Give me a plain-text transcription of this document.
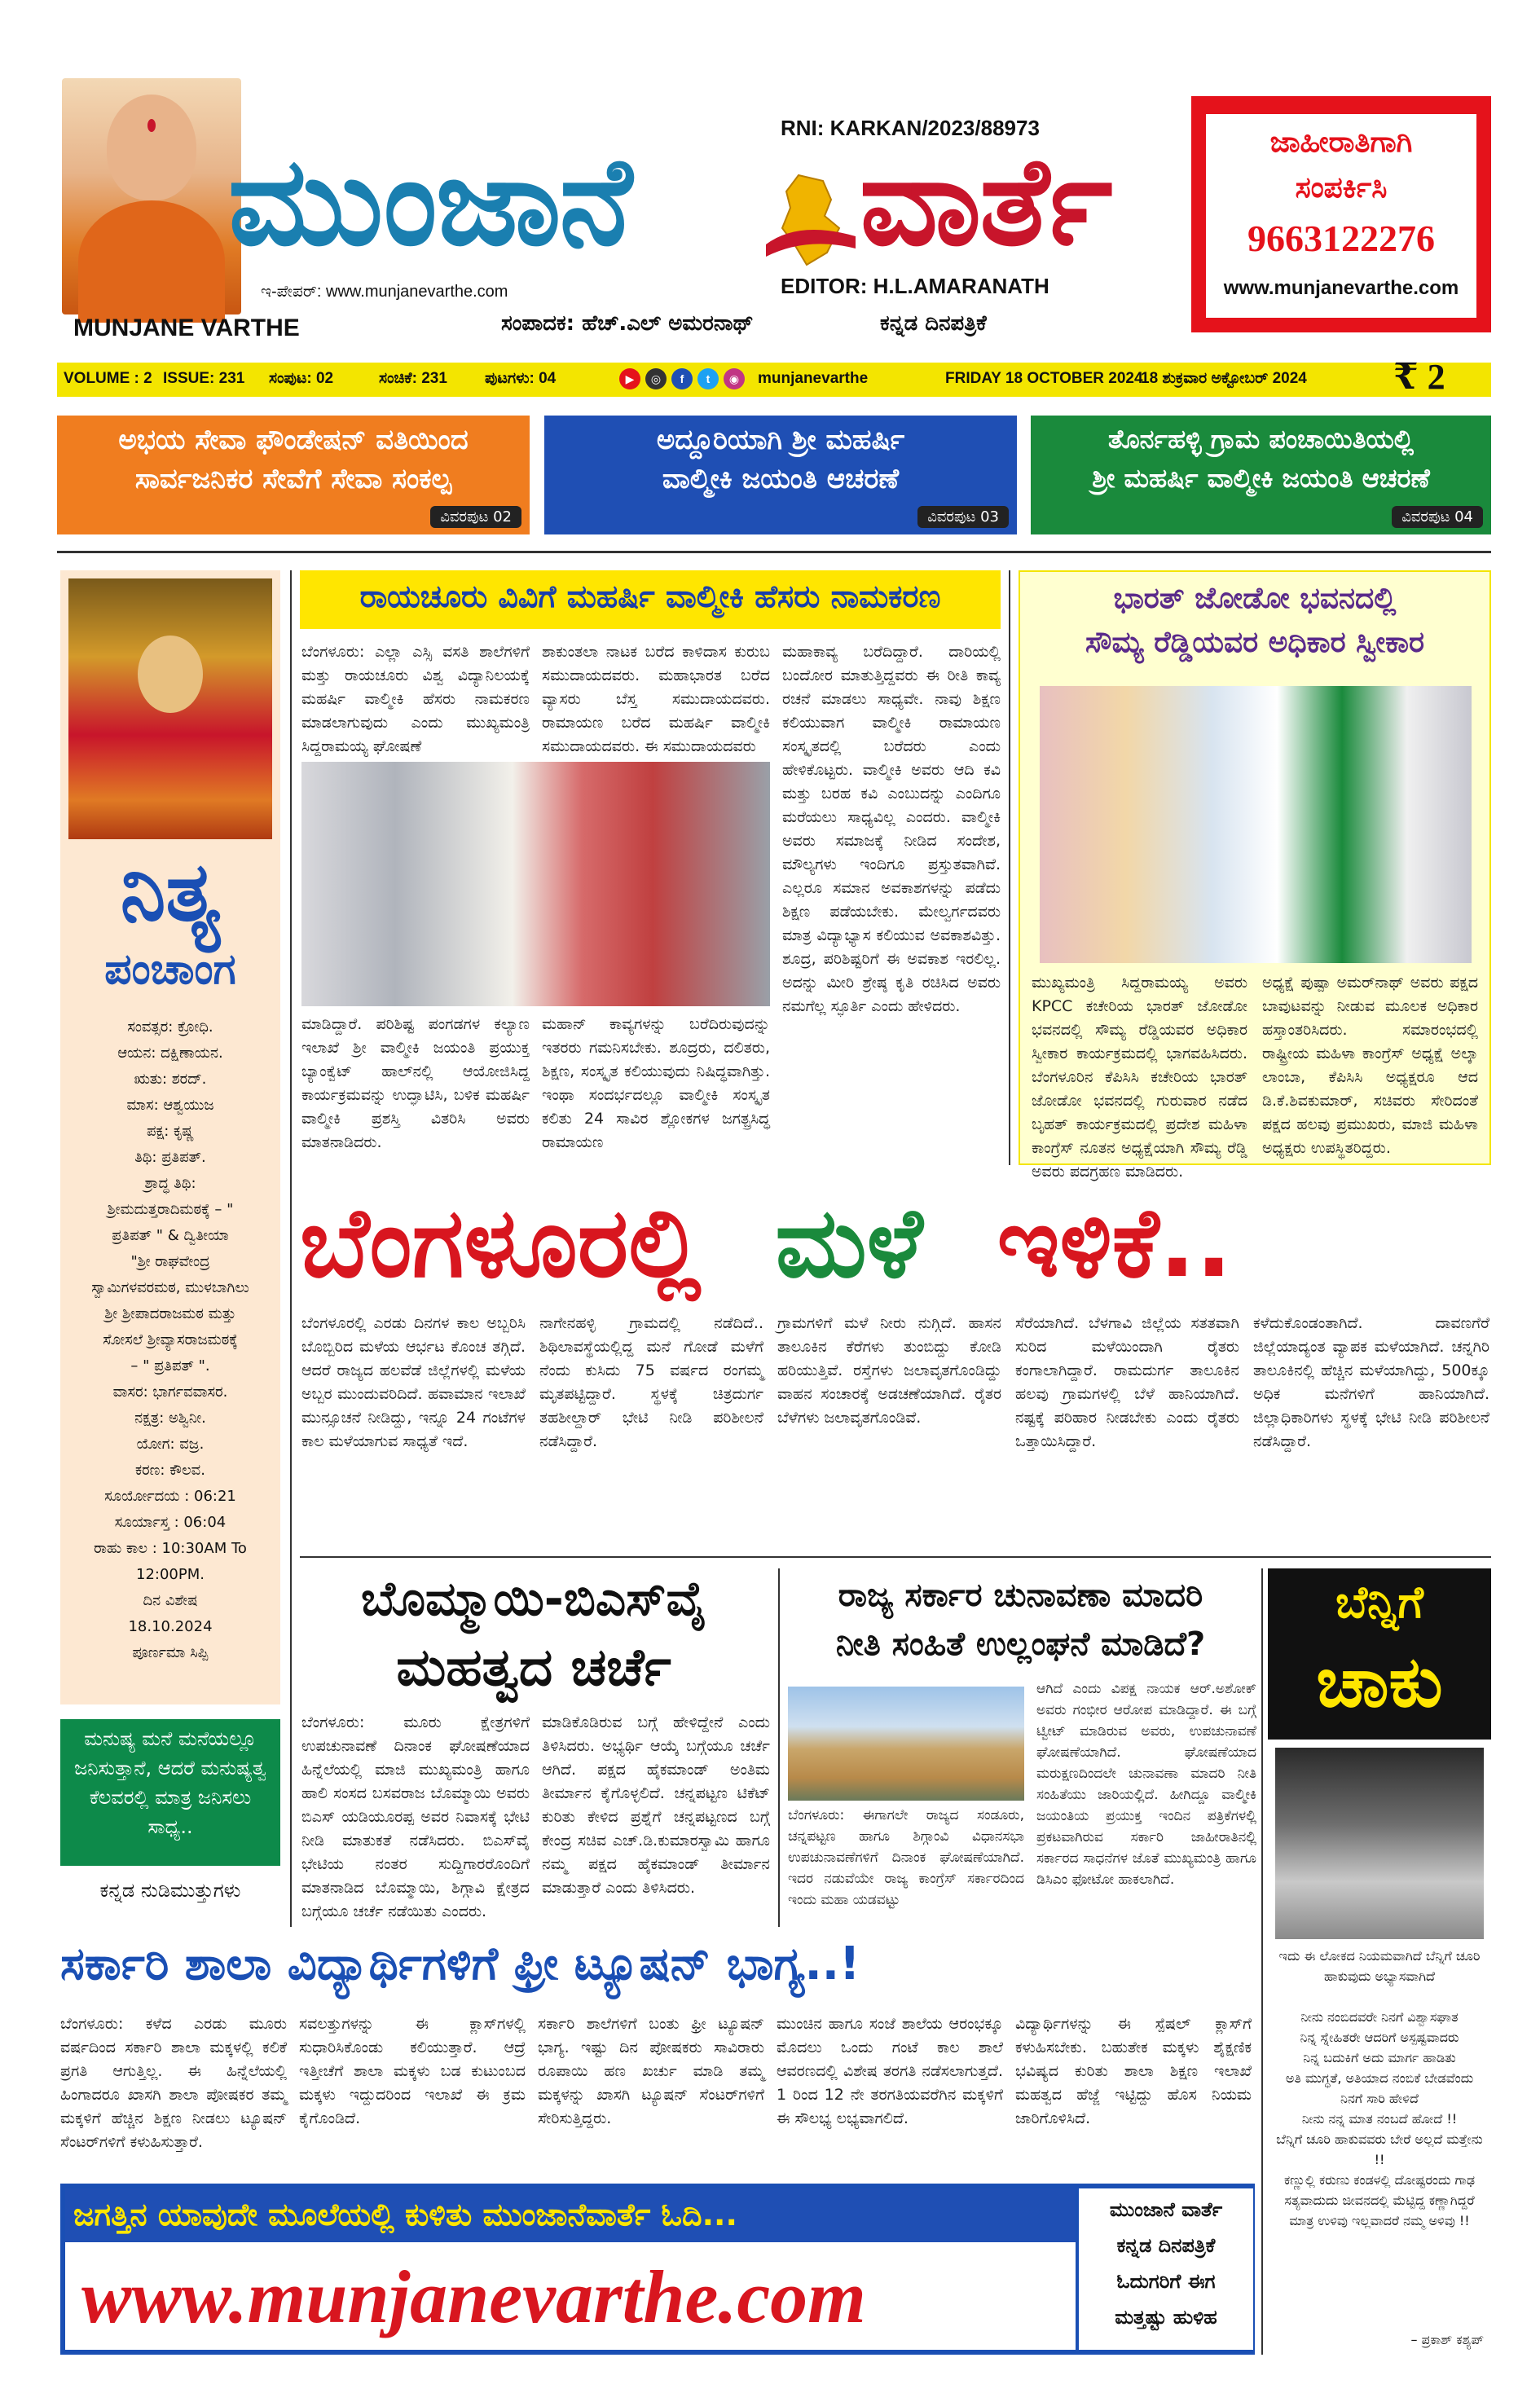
MUNJANE VARTHE
RNI: KARKAN/2023/88973
ಮುಂಜಾನೆ ವಾರ್ತೆ
ಇ-ಪೇಪರ್: www.munjanevarthe.com	EDITOR: H.L.AMARANATH
ಸಂಪಾದಕ: ಹೆಚ್.ಎಲ್ ಅಮರನಾಥ್	ಕನ್ನಡ ದಿನಪತ್ರಿಕೆ
ಜಾಹೀರಾತಿಗಾಗಿ
ಸಂಪರ್ಕಿಸಿ
9663122276
www.munjanevarthe.com
VOLUME : 2 ISSUE: 231 ಸಂಪುಟ: 02	ಸಂಚಿಕೆ: 231 ಪುಟಗಳು: 04	▶ ◎ f t ◉	munjanevarthe	FRIDAY 18 OCTOBER 2024
18 ಶುಕ್ರವಾರ ಅಕ್ಟೋಬರ್ 2024 ₹ 2
ಅಭಯ ಸೇವಾ ಫೌಂಡೇಷನ್ ವತಿಯಿಂದ
ಸಾರ್ವಜನಿಕರ ಸೇವೆಗೆ ಸೇವಾ ಸಂಕಲ್ಪ
ವಿವರಪುಟ 02
ಅದ್ದೂರಿಯಾಗಿ ಶ್ರೀ ಮಹರ್ಷಿ
ವಾಲ್ಮೀಕಿ ಜಯಂತಿ ಆಚರಣೆ
ವಿವರಪುಟ 03
ತೊರ್ನಹಳ್ಳಿ ಗ್ರಾಮ ಪಂಚಾಯಿತಿಯಲ್ಲಿ
ಶ್ರೀ ಮಹರ್ಷಿ ವಾಲ್ಮೀಕಿ ಜಯಂತಿ ಆಚರಣೆ
ವಿವರಪುಟ 04
ನಿತ್ಯ
ಪಂಚಾಂಗ
ಸಂವತ್ಸರ: ಕ್ರೋಧಿ.
ಆಯನ: ದಕ್ಷಿಣಾಯನ.
ಋತು: ಶರದ್.
ಮಾಸ: ಆಶ್ವಯುಜ
ಪಕ್ಷ: ಕೃಷ್ಣ
ತಿಥಿ: ಪ್ರತಿಪತ್.
ಶ್ರಾದ್ಧ ತಿಥಿ:
ಶ್ರೀಮದುತ್ತರಾದಿಮಠಕ್ಕೆ – "
ಪ್ರತಿಪತ್ " & ದ್ವಿತೀಯಾ
"ಶ್ರೀ ರಾಘವೇಂದ್ರ
ಸ್ವಾಮಿಗಳವರಮಠ, ಮುಳಬಾಗಿಲು
ಶ್ರೀ ಶ್ರೀಪಾದರಾಜಮಠ ಮತ್ತು
ಸೋಸಲೆ ಶ್ರೀವ್ಯಾಸರಾಜಮಠಕ್ಕೆ
– " ಪ್ರತಿಪತ್ ".
ವಾಸರ: ಭಾರ್ಗವವಾಸರ.
ನಕ್ಷತ್ರ: ಅಶ್ವಿನೀ.
ಯೋಗ: ವಜ್ರ.
ಕರಣ: ಕೌಲವ.
ಸೂರ್ಯೋದಯ : 06:21
ಸೂರ್ಯಾಸ್ತ : 06:04
ರಾಹು ಕಾಲ : 10:30AM To
12:00PM.
ದಿನ ವಿಶೇಷ
18.10.2024
ಪೂರ್ಣಮಾ ಸಿಪ್ಪಿ
ಮನುಷ್ಯ ಮನೆ ಮನೆಯಲ್ಲೂ ಜನಿಸುತ್ತಾನೆ, ಆದರೆ ಮನುಷ್ಯತ್ವ ಕೆಲವರಲ್ಲಿ ಮಾತ್ರ ಜನಿಸಲು ಸಾಧ್ಯ..
ಕನ್ನಡ ನುಡಿಮುತ್ತುಗಳು
ರಾಯಚೂರು ವಿವಿಗೆ ಮಹರ್ಷಿ ವಾಲ್ಮೀಕಿ ಹೆಸರು ನಾಮಕರಣ
ಬೆಂಗಳೂರು: ಎಲ್ಲಾ ಎಸ್ಸಿ ವಸತಿ ಶಾಲೆಗಳಿಗೆ ಮತ್ತು ರಾಯಚೂರು ವಿಶ್ವ ವಿದ್ಯಾನಿಲಯಕ್ಕೆ ಮಹರ್ಷಿ ವಾಲ್ಮೀಕಿ ಹೆಸರು ನಾಮಕರಣ ಮಾಡಲಾಗುವುದು ಎಂದು ಮುಖ್ಯಮಂತ್ರಿ ಸಿದ್ದರಾಮಯ್ಯ ಘೋಷಣೆ
ಶಾಕುಂತಲಾ ನಾಟಕ ಬರೆದ ಕಾಳಿದಾಸ ಕುರುಬ ಸಮುದಾಯದವರು. ಮಹಾಭಾರತ ಬರೆದ ವ್ಯಾಸರು ಬೆಸ್ತ ಸಮುದಾಯದವರು. ರಾಮಾಯಣ ಬರೆದ ಮಹರ್ಷಿ ವಾಲ್ಮೀಕಿ ಸಮುದಾಯದವರು. ಈ ಸಮುದಾಯದವರು
ಮಾಡಿದ್ದಾರೆ. ಪರಿಶಿಷ್ಟ ಪಂಗಡಗಳ ಕಲ್ಯಾಣ ಇಲಾಖೆ ಶ್ರೀ ವಾಲ್ಮೀಕಿ ಜಯಂತಿ ಪ್ರಯುಕ್ತ ಬ್ಯಾಂಕ್ವೆಟ್ ಹಾಲ್‌ನಲ್ಲಿ ಆಯೋಜಿಸಿದ್ದ ಕಾರ್ಯಕ್ರಮವನ್ನು ಉದ್ಘಾಟಿಸಿ, ಬಳಿಕ ಮಹರ್ಷಿ ವಾಲ್ಮೀಕಿ ಪ್ರಶಸ್ತಿ ವಿತರಿಸಿ ಅವರು ಮಾತನಾಡಿದರು.
ಮಹಾನ್ ಕಾವ್ಯಗಳನ್ನು ಬರೆದಿರುವುದನ್ನು ಇತರರು ಗಮನಿಸಬೇಕು. ಶೂದ್ರರು, ದಲಿತರು, ಶಿಕ್ಷಣ, ಸಂಸ್ಕೃತ ಕಲಿಯುವುದು ನಿಷಿದ್ಧವಾಗಿತ್ತು. ಇಂಥಾ ಸಂದರ್ಭದಲ್ಲೂ ವಾಲ್ಮೀಕಿ ಸಂಸ್ಕೃತ ಕಲಿತು 24 ಸಾವಿರ ಶ್ಲೋಕಗಳ ಜಗತ್ಪ್ರಸಿದ್ಧ ರಾಮಾಯಣ
ಮಹಾಕಾವ್ಯ ಬರೆದಿದ್ದಾರೆ. ದಾರಿಯಲ್ಲಿ ಬಂದೋರ ಮಾತುತ್ತಿದ್ದವರು ಈ ರೀತಿ ಕಾವ್ಯ ರಚನೆ ಮಾಡಲು ಸಾಧ್ಯವೇ. ನಾವು ಶಿಕ್ಷಣ ಕಲಿಯುವಾಗ ವಾಲ್ಮೀಕಿ ರಾಮಾಯಣ ಸಂಸ್ಕೃತದಲ್ಲಿ ಬರೆದರು ಎಂದು ಹೇಳಿಕೊಟ್ಟರು. ವಾಲ್ಮೀಕಿ ಅವರು ಆದಿ ಕವಿ ಮತ್ತು ಬರಹ ಕವಿ ಎಂಬುದನ್ನು ಎಂದಿಗೂ ಮರೆಯಲು ಸಾಧ್ಯವಿಲ್ಲ ಎಂದರು. ವಾಲ್ಮೀಕಿ ಅವರು ಸಮಾಜಕ್ಕೆ ನೀಡಿದ ಸಂದೇಶ, ಮೌಲ್ಯಗಳು ಇಂದಿಗೂ ಪ್ರಸ್ತುತವಾಗಿವೆ. ಎಲ್ಲರೂ ಸಮಾನ ಅವಕಾಶಗಳನ್ನು ಪಡೆದು ಶಿಕ್ಷಣ ಪಡೆಯಬೇಕು. ಮೇಲ್ವರ್ಗದವರು ಮಾತ್ರ ವಿದ್ಯಾಭ್ಯಾಸ ಕಲಿಯುವ ಅವಕಾಶವಿತ್ತು. ಶೂದ್ರ, ಪರಿಶಿಷ್ಟರಿಗೆ ಈ ಅವಕಾಶ ಇರಲಿಲ್ಲ. ಅದನ್ನು ಮೀರಿ ಶ್ರೇಷ್ಠ ಕೃತಿ ರಚಿಸಿದ ಅವರು ನಮಗೆಲ್ಲ ಸ್ಫೂರ್ತಿ ಎಂದು ಹೇಳಿದರು.
ಭಾರತ್ ಜೋಡೋ ಭವನದಲ್ಲಿ
ಸೌಮ್ಯ ರೆಡ್ಡಿಯವರ ಅಧಿಕಾರ ಸ್ವೀಕಾರ
ಮುಖ್ಯಮಂತ್ರಿ ಸಿದ್ದರಾಮಯ್ಯ ಅವರು KPCC ಕಚೇರಿಯ ಭಾರತ್ ಜೋಡೋ ಭವನದಲ್ಲಿ ಸೌಮ್ಯ ರೆಡ್ಡಿಯವರ ಅಧಿಕಾರ ಸ್ವೀಕಾರ ಕಾರ್ಯಕ್ರಮದಲ್ಲಿ ಭಾಗವಹಿಸಿದರು. ಬೆಂಗಳೂರಿನ ಕೆಪಿಸಿಸಿ ಕಚೇರಿಯ ಭಾರತ್ ಜೋಡೋ ಭವನದಲ್ಲಿ ಗುರುವಾರ ನಡೆದ ಬೃಹತ್ ಕಾರ್ಯಕ್ರಮದಲ್ಲಿ ಪ್ರದೇಶ ಮಹಿಳಾ ಕಾಂಗ್ರೆಸ್ ನೂತನ ಅಧ್ಯಕ್ಷೆಯಾಗಿ ಸೌಮ್ಯ ರೆಡ್ಡಿ ಅವರು ಪದಗ್ರಹಣ ಮಾಡಿದರು.
ಅಧ್ಯಕ್ಷೆ ಪುಷ್ಪಾ ಅಮರ್‌ನಾಥ್ ಅವರು ಪಕ್ಷದ ಬಾವುಟವನ್ನು ನೀಡುವ ಮೂಲಕ ಅಧಿಕಾರ ಹಸ್ತಾಂತರಿಸಿದರು. ಸಮಾರಂಭದಲ್ಲಿ ರಾಷ್ಟ್ರೀಯ ಮಹಿಳಾ ಕಾಂಗ್ರೆಸ್ ಅಧ್ಯಕ್ಷೆ ಅಲ್ಕಾ ಲಾಂಬಾ, ಕೆಪಿಸಿಸಿ ಅಧ್ಯಕ್ಷರೂ ಆದ ಡಿ.ಕೆ.ಶಿವಕುಮಾರ್, ಸಚಿವರು ಸೇರಿದಂತೆ ಪಕ್ಷದ ಹಲವು ಪ್ರಮುಖರು, ಮಾಜಿ ಮಹಿಳಾ ಅಧ್ಯಕ್ಷರು ಉಪಸ್ಥಿತರಿದ್ದರು.
ಬೆಂಗಳೂರಲ್ಲಿ ಮಳೆ ಇಳಿಕೆ..
ಬೆಂಗಳೂರಲ್ಲಿ ಎರಡು ದಿನಗಳ ಕಾಲ ಅಬ್ಬರಿಸಿ ಬೊಬ್ಬಿರಿದ ಮಳೆಯ ಆರ್ಭಟ ಕೊಂಚ ತಗ್ಗಿದೆ. ಆದರೆ ರಾಜ್ಯದ ಹಲವೆಡೆ ಜಿಲ್ಲೆಗಳಲ್ಲಿ ಮಳೆಯ ಅಬ್ಬರ ಮುಂದುವರಿದಿದೆ. ಹವಾಮಾನ ಇಲಾಖೆ ಮುನ್ಸೂಚನೆ ನೀಡಿದ್ದು, ಇನ್ನೂ 24 ಗಂಟೆಗಳ ಕಾಲ ಮಳೆಯಾಗುವ ಸಾಧ್ಯತೆ ಇದೆ.
ನಾಗೇನಹಳ್ಳಿ ಗ್ರಾಮದಲ್ಲಿ ನಡೆದಿದೆ.. ಶಿಥಿಲಾವಸ್ಥೆಯಲ್ಲಿದ್ದ ಮನೆ ಗೋಡೆ ಮಳೆಗೆ ನೆಂದು ಕುಸಿದು 75 ವರ್ಷದ ರಂಗಮ್ಮ ಮೃತಪಟ್ಟಿದ್ದಾರೆ. ಸ್ಥಳಕ್ಕೆ ಚಿತ್ರದುರ್ಗ ತಹಶೀಲ್ದಾರ್ ಭೇಟಿ ನೀಡಿ ಪರಿಶೀಲನೆ ನಡೆಸಿದ್ದಾರೆ.
ಗ್ರಾಮಗಳಿಗೆ ಮಳೆ ನೀರು ನುಗ್ಗಿದೆ. ಹಾಸನ ತಾಲೂಕಿನ ಕೆರೆಗಳು ತುಂಬಿದ್ದು ಕೋಡಿ ಹರಿಯುತ್ತಿವೆ. ರಸ್ತೆಗಳು ಜಲಾವೃತಗೊಂಡಿದ್ದು ವಾಹನ ಸಂಚಾರಕ್ಕೆ ಅಡಚಣೆಯಾಗಿದೆ. ರೈತರ ಬೆಳೆಗಳು ಜಲಾವೃತಗೊಂಡಿವೆ.
ಸೆರೆಯಾಗಿದೆ. ಬೆಳಗಾವಿ ಜಿಲ್ಲೆಯ ಸತತವಾಗಿ ಸುರಿದ ಮಳೆಯಿಂದಾಗಿ ರೈತರು ಕಂಗಾಲಾಗಿದ್ದಾರೆ. ರಾಮದುರ್ಗ ತಾಲೂಕಿನ ಹಲವು ಗ್ರಾಮಗಳಲ್ಲಿ ಬೆಳೆ ಹಾನಿಯಾಗಿದೆ. ನಷ್ಟಕ್ಕೆ ಪರಿಹಾರ ನೀಡಬೇಕು ಎಂದು ರೈತರು ಒತ್ತಾಯಿಸಿದ್ದಾರೆ.
ಕಳೆದುಕೊಂಡಂತಾಗಿದೆ. ದಾವಣಗೆರೆ ಜಿಲ್ಲೆಯಾದ್ಯಂತ ವ್ಯಾಪಕ ಮಳೆಯಾಗಿದೆ. ಚನ್ನಗಿರಿ ತಾಲೂಕಿನಲ್ಲಿ ಹೆಚ್ಚಿನ ಮಳೆಯಾಗಿದ್ದು, 500ಕ್ಕೂ ಅಧಿಕ ಮನೆಗಳಿಗೆ ಹಾನಿಯಾಗಿದೆ. ಜಿಲ್ಲಾಧಿಕಾರಿಗಳು ಸ್ಥಳಕ್ಕೆ ಭೇಟಿ ನೀಡಿ ಪರಿಶೀಲನೆ ನಡೆಸಿದ್ದಾರೆ.
ಬೊಮ್ಮಾಯಿ-ಬಿಎಸ್‌ವೈ
ಮಹತ್ವದ ಚರ್ಚೆ
ಬೆಂಗಳೂರು: ಮೂರು ಕ್ಷೇತ್ರಗಳಿಗೆ ಉಪಚುನಾವಣೆ ದಿನಾಂಕ ಘೋಷಣೆಯಾದ ಹಿನ್ನೆಲೆಯಲ್ಲಿ ಮಾಜಿ ಮುಖ್ಯಮಂತ್ರಿ ಹಾಗೂ ಹಾಲಿ ಸಂಸದ ಬಸವರಾಜ ಬೊಮ್ಮಾಯಿ ಅವರು ಬಿಎಸ್ ಯಡಿಯೂರಪ್ಪ ಅವರ ನಿವಾಸಕ್ಕೆ ಭೇಟಿ ನೀಡಿ ಮಾತುಕತೆ ನಡೆಸಿದರು. ಬಿಎಸ್‌ವೈ ಭೇಟಿಯ ನಂತರ ಸುದ್ದಿಗಾರರೊಂದಿಗೆ ಮಾತನಾಡಿದ ಬೊಮ್ಮಾಯಿ, ಶಿಗ್ಗಾವಿ ಕ್ಷೇತ್ರದ ಬಗ್ಗೆಯೂ ಚರ್ಚೆ ನಡೆಯಿತು ಎಂದರು.
ಮಾಡಿಕೊಡಿರುವ ಬಗ್ಗೆ ಹೇಳಿದ್ದೇನೆ ಎಂದು ತಿಳಿಸಿದರು. ಅಭ್ಯರ್ಥಿ ಆಯ್ಕೆ ಬಗ್ಗೆಯೂ ಚರ್ಚೆ ಆಗಿದೆ. ಪಕ್ಷದ ಹೈಕಮಾಂಡ್ ಅಂತಿಮ ತೀರ್ಮಾನ ಕೈಗೊಳ್ಳಲಿದೆ. ಚನ್ನಪಟ್ಟಣ ಟಿಕೆಟ್ ಕುರಿತು ಕೇಳಿದ ಪ್ರಶ್ನೆಗೆ ಚನ್ನಪಟ್ಟಣದ ಬಗ್ಗೆ ಕೇಂದ್ರ ಸಚಿವ ಎಚ್.ಡಿ.ಕುಮಾರಸ್ವಾಮಿ ಹಾಗೂ ನಮ್ಮ ಪಕ್ಷದ ಹೈಕಮಾಂಡ್ ತೀರ್ಮಾನ ಮಾಡುತ್ತಾರೆ ಎಂದು ತಿಳಿಸಿದರು.
ರಾಜ್ಯ ಸರ್ಕಾರ ಚುನಾವಣಾ ಮಾದರಿ
ನೀತಿ ಸಂಹಿತೆ ಉಲ್ಲಂಘನೆ ಮಾಡಿದೆ?
ಬೆಂಗಳೂರು: ಈಗಾಗಲೇ ರಾಜ್ಯದ ಸಂಡೂರು, ಚನ್ನಪಟ್ಟಣ ಹಾಗೂ ಶಿಗ್ಗಾಂವಿ ವಿಧಾನಸಭಾ ಉಪಚುನಾವಣೆಗಳಿಗೆ ದಿನಾಂಕ ಘೋಷಣೆಯಾಗಿದೆ. ಇದರ ನಡುವೆಯೇ ರಾಜ್ಯ ಕಾಂಗ್ರೆಸ್ ಸರ್ಕಾರದಿಂದ ಇಂದು ಮಹಾ ಯಡವಟ್ಟು
ಆಗಿದೆ ಎಂದು ವಿಪಕ್ಷ ನಾಯಕ ಆರ್.ಅಶೋಕ್ ಅವರು ಗಂಭೀರ ಆರೋಪ ಮಾಡಿದ್ದಾರೆ. ಈ ಬಗ್ಗೆ ಟ್ವೀಟ್ ಮಾಡಿರುವ ಅವರು, ಉಪಚುನಾವಣೆ ಘೋಷಣೆಯಾಗಿದೆ. ಘೋಷಣೆಯಾದ ಮರುಕ್ಷಣದಿಂದಲೇ ಚುನಾವಣಾ ಮಾದರಿ ನೀತಿ ಸಂಹಿತೆಯು ಜಾರಿಯಲ್ಲಿದೆ. ಹೀಗಿದ್ದೂ ವಾಲ್ಮೀಕಿ ಜಯಂತಿಯ ಪ್ರಯುಕ್ತ ಇಂದಿನ ಪತ್ರಿಕೆಗಳಲ್ಲಿ ಪ್ರಕಟವಾಗಿರುವ ಸರ್ಕಾರಿ ಜಾಹೀರಾತಿನಲ್ಲಿ ಸರ್ಕಾರದ ಸಾಧನೆಗಳ ಜೊತೆ ಮುಖ್ಯಮಂತ್ರಿ ಹಾಗೂ ಡಿಸಿಎಂ ಫೋಟೋ ಹಾಕಲಾಗಿದೆ.
ಬೆನ್ನಿಗೆ
ಚಾಕು
ಇದು ಈ ಲೋಕದ ನಿಯಮವಾಗಿದೆ ಬೆನ್ನಿಗೆ ಚೂರಿ ಹಾಕುವುದು ಅಭ್ಯಾಸವಾಗಿದೆ

ನೀನು ನಂಬಿದವರೇ ನಿನಗೆ ವಿಶ್ವಾಸಘಾತ
ನಿನ್ನ ಸ್ನೇಹಿತರೇ ಆದರಿಗೆ ಅಸ್ಪಷ್ಟವಾದರು
ನಿನ್ನ ಬದುಕಿಗೆ ಅದು ಮಾರ್ಗ ಹಾಡಿತು
ಅತಿ ಮುಗ್ಧತೆ, ಅತಿಯಾದ ನಂಬಿಕೆ ಬೇಡವೆಂದು ನಿನಗೆ ಸಾರಿ ಹೇಳಿದೆ
ನೀನು ನನ್ನ ಮಾತ ನಂಬದೆ ಹೋದೆ !!
ಬೆನ್ನಿಗೆ ಚೂರಿ ಹಾಕುವವರು ಬೇರೆ ಅಲ್ಲದೆ ಮತ್ತೇನು !!
ಕಣ್ಣುಲ್ಲಿ ಕರುಣು ಕಂಡಳಲ್ಲಿ ದೋಷ್ಟರಂದು ಗಾಢ ಸತ್ಯವಾದುದು ಜೀವನದಲ್ಲಿ ಮೆಟ್ಟಿದ್ದ ಕಣ್ಣಾಗಿದ್ದರೆ ಮಾತ್ರ ಉಳಿವು ಇಲ್ಲವಾದರೆ ನಮ್ಮ ಅಳಿವು !!
– ಪ್ರಕಾಶ್ ಕಶ್ಯಪ್
ಸರ್ಕಾರಿ ಶಾಲಾ ವಿದ್ಯಾರ್ಥಿಗಳಿಗೆ ಫ್ರೀ ಟ್ಯೂಷನ್ ಭಾಗ್ಯ..!
ಬೆಂಗಳೂರು: ಕಳೆದ ಎರಡು ಮೂರು ವರ್ಷದಿಂದ ಸರ್ಕಾರಿ ಶಾಲಾ ಮಕ್ಕಳಲ್ಲಿ ಕಲಿಕೆ ಪ್ರಗತಿ ಆಗುತ್ತಿಲ್ಲ. ಈ ಹಿನ್ನೆಲೆಯಲ್ಲಿ ಹಿಂಗಾದರೂ ಖಾಸಗಿ ಶಾಲಾ ಪೋಷಕರ ತಮ್ಮ ಮಕ್ಕಳಿಗೆ ಹೆಚ್ಚಿನ ಶಿಕ್ಷಣ ನೀಡಲು ಟ್ಯೂಷನ್ ಸೆಂಟರ್‌ಗಳಿಗೆ ಕಳುಹಿಸುತ್ತಾರೆ.
ಸವಲತ್ತುಗಳನ್ನು ಈ ಕ್ಲಾಸ್‌ಗಳಲ್ಲಿ ಸುಧಾರಿಸಿಕೊಂಡು ಕಲಿಯುತ್ತಾರೆ. ಆದ್ರೆ ಇತ್ತೀಚೆಗೆ ಶಾಲಾ ಮಕ್ಕಳು ಬಡ ಕುಟುಂಬದ ಮಕ್ಕಳು ಇದ್ದುದರಿಂದ ಇಲಾಖೆ ಈ ಕ್ರಮ ಕೈಗೊಂಡಿದೆ.
ಸರ್ಕಾರಿ ಶಾಲೆಗಳಿಗೆ ಬಂತು ಫ್ರೀ ಟ್ಯೂಷನ್ ಭಾಗ್ಯ. ಇಷ್ಟು ದಿನ ಪೋಷಕರು ಸಾವಿರಾರು ರೂಪಾಯಿ ಹಣ ಖರ್ಚು ಮಾಡಿ ತಮ್ಮ ಮಕ್ಕಳನ್ನು ಖಾಸಗಿ ಟ್ಯೂಷನ್ ಸೆಂಟರ್‌ಗಳಿಗೆ ಸೇರಿಸುತ್ತಿದ್ದರು.
ಮುಂಚಿನ ಹಾಗೂ ಸಂಜೆ ಶಾಲೆಯ ಆರಂಭಕ್ಕೂ ಮೊದಲು ಒಂದು ಗಂಟೆ ಕಾಲ ಶಾಲೆ ಆವರಣದಲ್ಲಿ ವಿಶೇಷ ತರಗತಿ ನಡೆಸಲಾಗುತ್ತದೆ. 1 ರಿಂದ 12 ನೇ ತರಗತಿಯವರೆಗಿನ ಮಕ್ಕಳಿಗೆ ಈ ಸೌಲಭ್ಯ ಲಭ್ಯವಾಗಲಿದೆ.
ವಿದ್ಯಾರ್ಥಿಗಳನ್ನು ಈ ಸ್ಪೆಷಲ್ ಕ್ಲಾಸ್‌ಗೆ ಕಳುಹಿಸಬೇಕು. ಬಹುತೇಕ ಮಕ್ಕಳು ಶೈಕ್ಷಣಿಕ ಭವಿಷ್ಯದ ಕುರಿತು ಶಾಲಾ ಶಿಕ್ಷಣ ಇಲಾಖೆ ಮಹತ್ವದ ಹೆಜ್ಜೆ ಇಟ್ಟಿದ್ದು ಹೊಸ ನಿಯಮ ಜಾರಿಗೊಳಿಸಿದೆ.
ಜಗತ್ತಿನ ಯಾವುದೇ ಮೂಲೆಯಲ್ಲಿ ಕುಳಿತು ಮುಂಜಾನೆವಾರ್ತೆ ಓದಿ...
www.munjanevarthe.com
ಮುಂಜಾನೆ ವಾರ್ತೆ
ಕನ್ನಡ ದಿನಪತ್ರಿಕೆ
ಓದುಗರಿಗೆ ಈಗ
ಮತ್ತಷ್ಟು ಹುಳಿಹ
